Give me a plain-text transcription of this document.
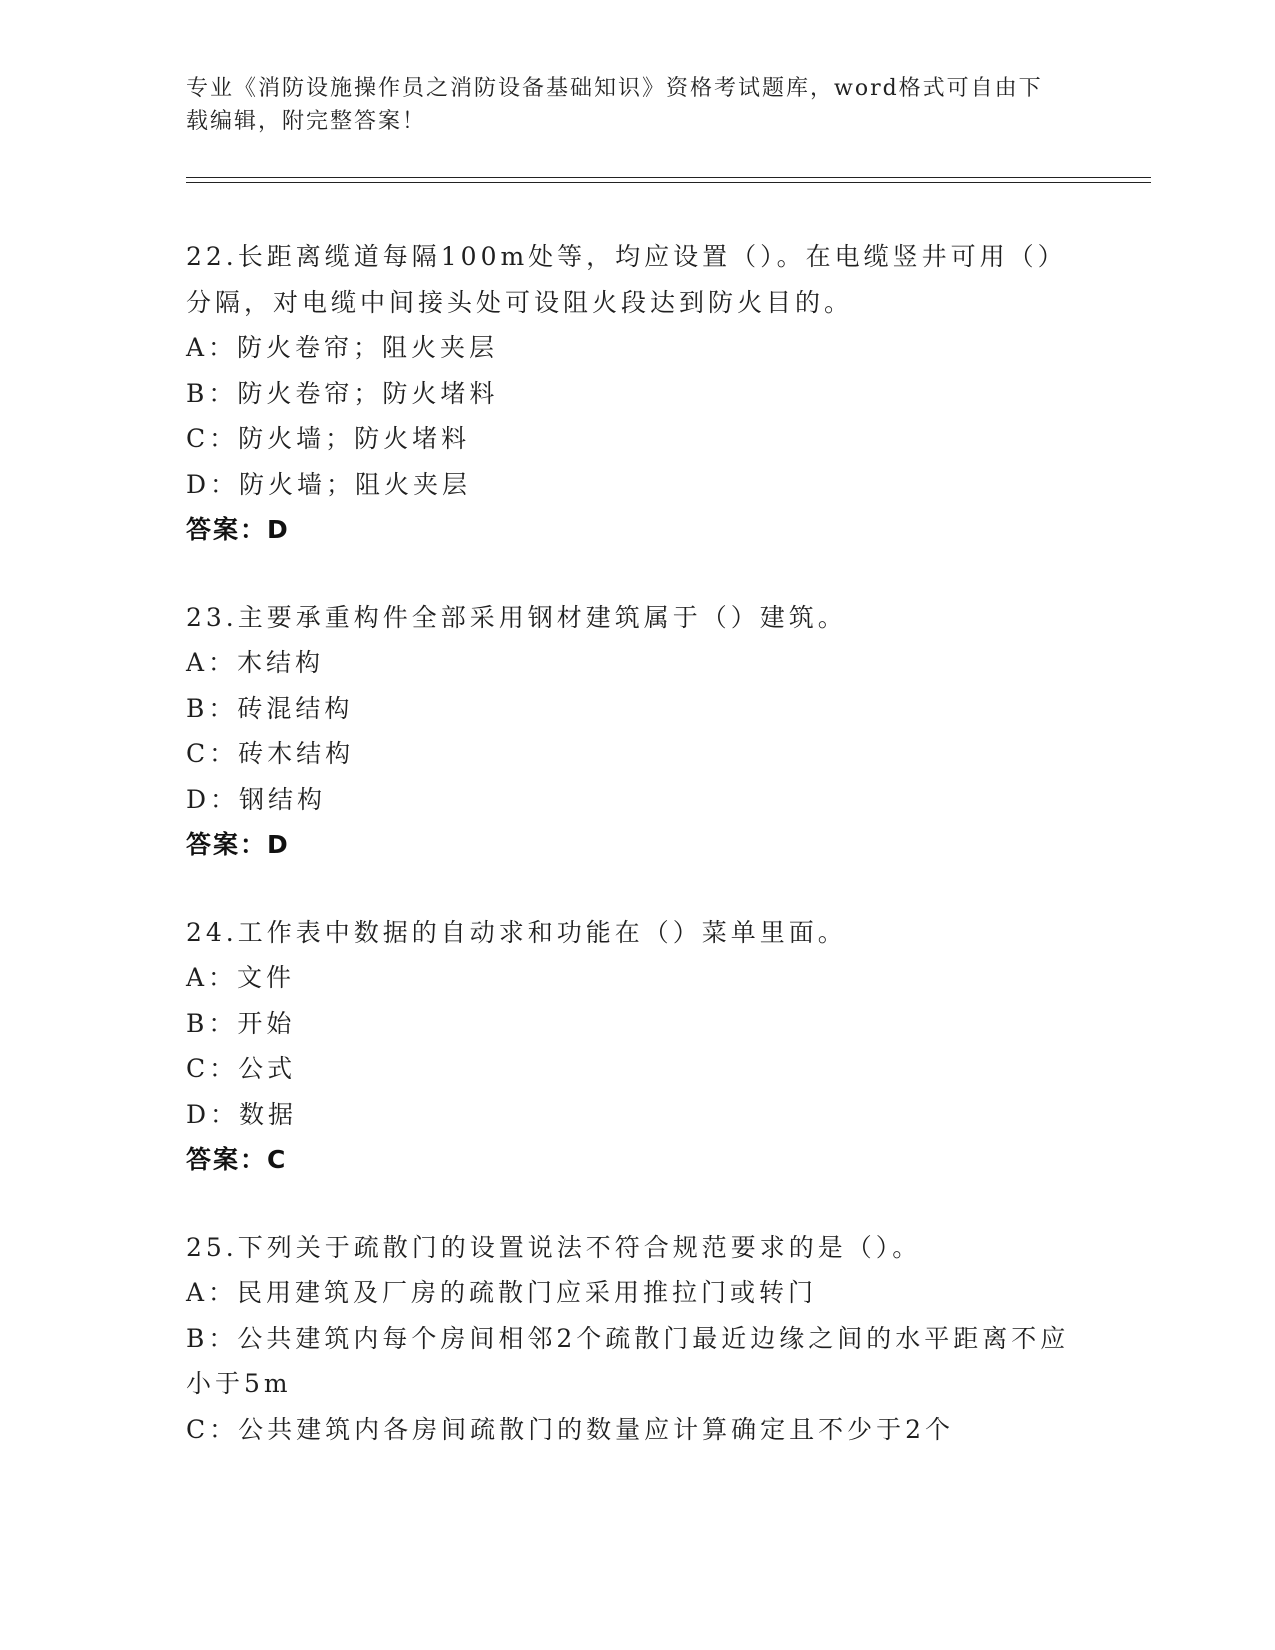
专业《消防设施操作员之消防设备基础知识》资格考试题库，word格式可自由下
载编辑，附完整答案！
22.长距离缆道每隔100m处等，均应设置（）。在电缆竖井可用（）
分隔，对电缆中间接头处可设阻火段达到防火目的。
A：防火卷帘；阻火夹层
B：防火卷帘；防火堵料
C：防火墙；防火堵料
D：防火墙；阻火夹层
答案：D
23.主要承重构件全部采用钢材建筑属于（）建筑。
A：木结构
B：砖混结构
C：砖木结构
D：钢结构
答案：D
24.工作表中数据的自动求和功能在（）菜单里面。
A：文件
B：开始
C：公式
D：数据
答案：C
25.下列关于疏散门的设置说法不符合规范要求的是（）。
A：民用建筑及厂房的疏散门应采用推拉门或转门
B：公共建筑内每个房间相邻2个疏散门最近边缘之间的水平距离不应
小于5m
C：公共建筑内各房间疏散门的数量应计算确定且不少于2个
